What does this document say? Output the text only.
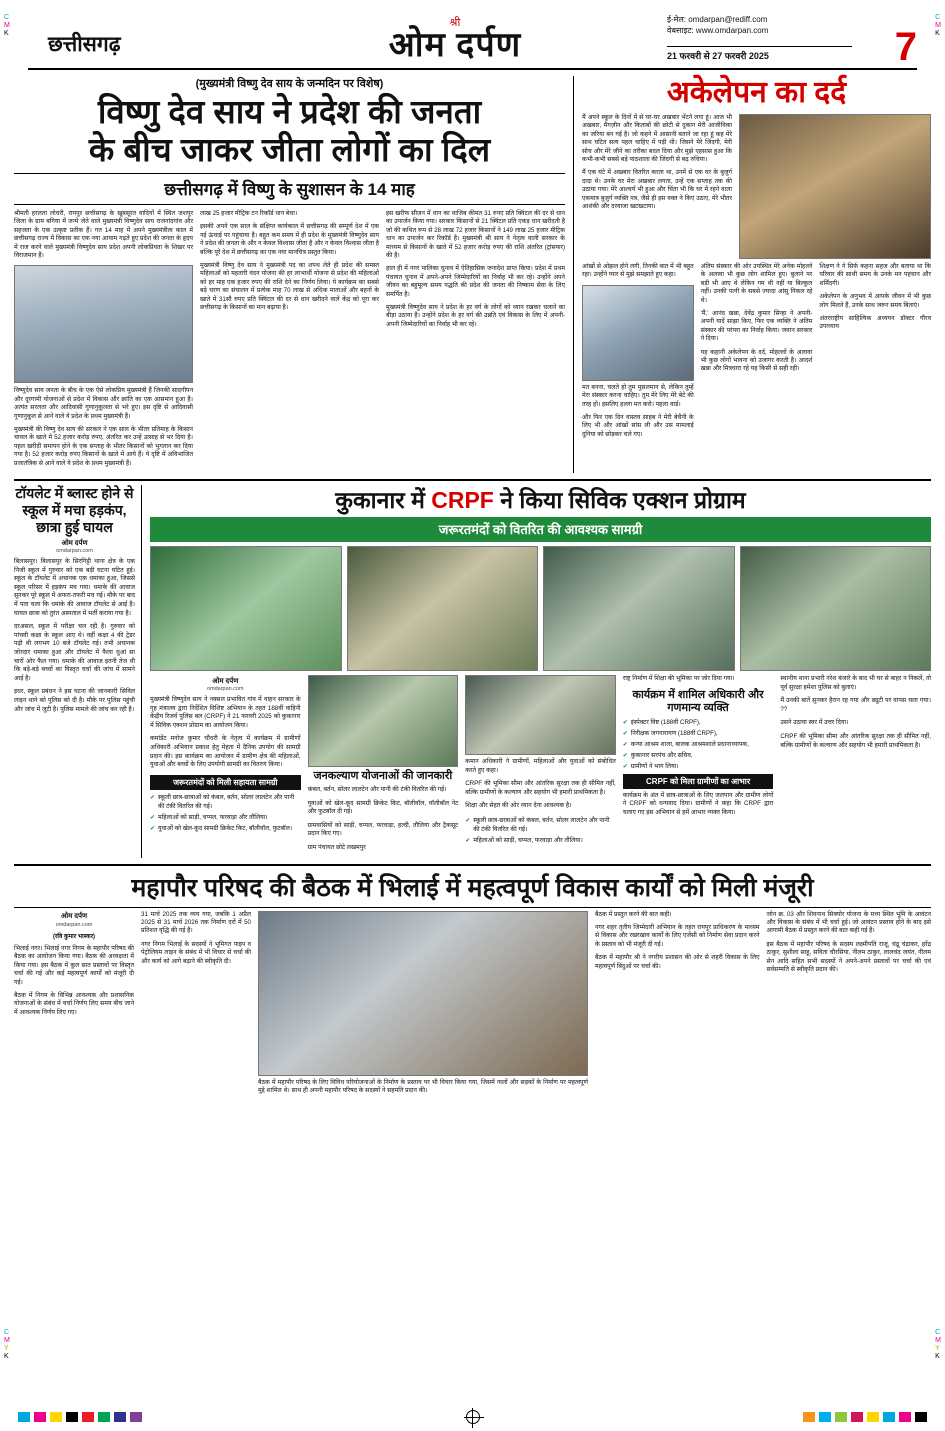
C
M
K
C
M
K
छत्तीसगढ़
श्री
ओम दर्पण
ई-मेल: omdarpan@rediff.com
वेबसाइट: www.omdarpan.com
21 फरवरी से 27 फरवरी 2025	7
(मुख्यमंत्री विष्णु देव साय के जन्मदिन पर विशेष)
विष्णु देव साय ने प्रदेश की जनता
के बीच जाकर जीता लोगों का दिल
छत्तीसगढ़ में विष्णु के सुशासन के 14 माह

श्रीमती हरलता लोधरी, रायपुर छत्तीसगढ़ के खूबसूरत वादियों में स्थित जशपुर जिला के ग्राम बगिया में जन्मे जेते वाले मुख्यमंत्री विष्णुदेव साय राजनांदगांव और सहजता के एक उत्कृष्ट प्रतीक हैं। गत 14 माह में अपने मुख्यमंत्रीत्व काल में छत्तीसगढ़ राज्य में विकास का एक नया आयाम गढ़ते हुए प्रदेश की जनता के हृदय में राज करने वाले मुख्यमंत्री विष्णुदेव साय प्रदेश अपनी लोकप्रियता के शिखर पर विराजमान हैं।

विष्णुदेव साय जनता के बीच के एक ऐसे लोकप्रिय मुख्यमंत्री हैं जिनकी सादगीपन और दूरगामी योजनाओं से प्रदेश में विकास और क्रांति का एक आसमान हुआ है। अत्यंत सरलता और आदिवासी गुणानुकूलता से भरे हुए। इस दृष्टि से आदिवासी गुणानुकूल से आने वाले ये प्रदेश के प्रथम मुख्यमंत्री हैं।

मुख्यमंत्री की विष्णु देव साय की सरकार ने एक साल के भीतर प्रतिमाह के किसान चावल के खाते में 52 हजार करोड़ रुपए, अंतरित कर उन्हें उत्साह से भर दिया है। पहल खरीदी समापन होने के एक सप्ताह के भीतर किसानों को भुगतान कर दिया गया है। 52 हजार करोड़ रुपए किसानों के खाते में आये हैं। ये दृष्टि में अविभाजित प्रजातंत्रिक से आने वाले ये प्रदेश के प्रथम मुख्यमंत्री हैं।

लाख 25 हजार मीट्रिक टन रिकॉर्ड धान बेचा।

इसकी अपने एक साल के संक्षिप्त कार्यकाल में छत्तीसगढ़ की सम्पूर्ण देश में एक नई ऊंचाई पर पहुंचाया है। बहुत कम समय में ही प्रदेश के मुख्यमंत्री विष्णुदेव साय ने प्रदेश की जनता के और न केवल विश्वास जीता है और न केवल विश्वास जीता है बल्कि पूरे देश में छत्तीसगढ़ का एक नया मानचित्र प्रस्तुत किया।

मुख्यमंत्री विष्णु देव साय ने मुख्यमंत्री पद का शपथ लेते ही प्रदेश की समस्त महिलाओं को महतारी वंदन योजना की हर लाभार्थी योजना से प्रदेश की महिलाओं को हर माह एक हजार रुपए की राशि देने का निर्णय लिया। ये कार्यक्रम का सबसे बड़े चरण का संचालन में प्रत्येक माह 70 लाख से अधिक माताओं और बहनों के खाते में 31सौ रुपए प्रति क्विंटल की दर से धान खरीदने वाले केंद्र को पूरा कर छत्तीसगढ़ के किसानों का मान बढ़ाया है।

इस खरीफ सीजन में धान का वाजिब कीमत 31 रुपए प्रति क्विंटल की दर से धान का उपार्जन किया गया। सरकार किसानों से 21 क्विंटल प्रति एकड़ धान खरीदती है जो की कथित रूप से 28 लाख 72 हजार किसानों ने 149 लाख 25 हजार मीट्रिक धान का उपार्जन कर रिकॉर्ड है। मुख्यमंत्री श्री साय ने नेतृत्व वाली सरकार के माध्यम से किसानों के खाते में 52 हजार करोड़ रुपए की राशि अंतरित (ट्रांसफर) की है।

हाल ही में नगर पालिका चुनाव में ऐतिहासिक जनादेश प्राप्त किया। प्रदेश में प्रथम पंचायत चुनाव में अपने-अपने जिम्मेदारियों का निर्वाह भी कर रहे। उन्होंने अपने जीवन का बहुमूल्य समय पद्धति की प्रदेश की जनता की निष्काम सेवा के लिए समर्पित है।

मुख्यमंत्री विष्णुदेव साय ने प्रदेश के हर वर्ग के लोगों को ध्यान रखकर चलाने का बीड़ा उठाया है। उन्होंने प्रदेश के हर वर्ग की उन्नति एवं विकास के लिए में अपनी-अपनी जिम्मेदारियों का निर्वाह भी कर रहे।

अकेलेपन का दर्द

मैं अपने स्कूल के दिनों में से घर-घर अखबार भेंटने लगा हूं। आज भी अखबार, मैगज़ीन और किताबों की छोटी से दुकान मेरी आजीविका का जरिया बन गई है। जो कहने में आसानी बताने जा रहा हूं कह मेरे साथ घटित सत्य पहल चाहिए में पड़ी थी। जिसने मेरे जिंदगी, मेरी सोच और मेरे जीने का तरीका बदल दिया और मुझे एहसास हुआ कि कभी-कभी सबसे बड़े पाठशाला की जिंदगी से बढ़ रुचिया।

मैं एक घंटे में अखबार वितरित करता था, उनमें से एक घर के बुजुर्ग दादा थे। उनके घर मेरा अखबार लगता, उन्हें एक सप्ताह तक की उठाया गया। मेरे आश्चर्य भी हुआ और चिंता भी कि घर में रहने वाला एकमात्र बुजुर्ग व्यक्ति पत्र, जैसे ही इस वक्त ने किए उठाए, मेरे भीतर आशंकी और दरवाजा खटखटाया।

आंखों से ओझल होने लगी, तिनकी बात में भी बहुत रहा। उन्होंने प्यार से मुझे समझाते हुए कहा।

मत बनना, चलते हो तुम मुसलमान से, लेकिन तुम्हें मेरा संस्कार करना चाहिए। तुम मेरे लिए मेरे बेटे की तरह हो। इसलिए हल्ला मत करो। पहला वार्ड।

और फिर एक दिन वास्तव साहब ने मेरी बेचैनी के लिए भी और आंखों सांस ली और उस मामलाई दुनिया को छोड़कर चले गए।

अंतिम संस्कार की ओर उपस्थित मेरे अनेक मोहल्ले के अलावा भी कुछ लोग शामिल हुए। बुलाने पर बड़ी भी आए थे लेकिन गम थी नहीं या बिल्कुल नहीं। उनकी पत्नी के सबसे ज्यादा आंसू निकल रहे थे।

'मैं,' आनंद खन्ना, देवेंद्र कुमार सिन्हा ने अपनी-अपनी यादें साझा किए, फिर एक व्यक्ति ने अंतिम संस्कार की परंपरा का निर्वाह किया। जवान सरकार ने दिया।

यह कहानी अकेलेपन के दर्द, मोहल्लों के अलावा भी कुछ लोगों भावना को उजागर करती है। आदर्श खन्ना और मित्रधारा रहे यह किसी से सही रही।

शिक्षण ने ने सिर्फ़ कहना सहज और बताया था कि परिवार की साथी समय के उनके मन पहचान और शर्मिंदगी।

अकेलेपन के अनुभव में आपके जीवन में भी कुछ लोग मिलते हैं, उनके साथ जरूर समय बिताएं।

अंतरराष्ट्रीय साहित्यिक अध्ययन डॉक्टर गौरव उपाध्याय

टॉयलेट में ब्लास्ट होने से स्कूल में मचा हड़कंप, छात्रा हुई घायल
ओम दर्पण
omdarpan.com

बिलासपुर। बिलासपुर के सिरगिट्टी थाना क्षेत्र के एक निजी स्कूल में गुरुवार को एक बड़ी घटना घटित हुई। स्कूल के टॉयलेट में अचानक एक धमाका हुआ, जिससे स्कूल परिसर में हड़कंप मच गया। धमाके की आवाज सुनकर पूरे स्कूल में अफरा-तफरी मच गई। मौके पर बाद में पता चला कि धमाके की आवाज टॉयलेट से आई है। घायल छात्रा को तुरंत अस्पताल में भर्ती कराया गया है।

दरअसल, स्कूल में परीक्षा चल रही है। गुरुवार को पांचवी कक्षा के स्कूल आए थे। वहीं कक्षा 4 की ट्रेडर पढ़ी थी लगभग 10 बजे टॉयलेट गई। तभी अचानक जोरदार धमाका हुआ और टॉयलेट में फैला धुआं सा चारों ओर फैल गया। धमाके की आवाज इतनी तेज थी कि बड़े-बड़े बच्चों का विस्तृत चर्चा की जांच में सामने आई है।

इधर, स्कूल प्रबंधन ने इस घटना की जानकारी सिविल लाइन थाने को पुलिस को दी है। मौके पर पुलिस पहुंची और जांच में जुटी है। पुलिस मामले की जांच कर रही है।

कुकानार में CRPF ने किया सिविक एक्शन प्रोग्राम
जरूरतमंदों को वितरित की आवश्यक सामग्री
ओम दर्पण
omdarpan.com

मुख्यमंत्री विष्णुदेव साय ने नक्सल प्रभावित गांव में वाहन सरकार के गृह मंत्रालय द्वारा निर्देशित विशिष्ट अभियान के तहत 188वीं वाहिनी केंद्रीय रिजर्व पुलिस बल (CRPF) ने 21 फरवरी 2025 को कुकानार में सिविक एक्शन प्रोग्राम का आयोजन किया।

कमांडेंट मनोज कुमार चौधरी के नेतृत्व में कार्यक्रम में ग्रामीणों अधिकारी अभियान प्रकाश हेतु मेहता में दैनिक उपयोग की सामग्री प्रदान की। इस कार्यक्रम का आयोजन में ग्रामीण क्षेत्र की महिलाओं, युवाओं और बच्चों के लिए उपयोगी सामग्री का वितरण किया।

जरूरतमंदों को मिली सहायता सामग्री
✔ स्कूली छात्र-छात्राओं को कंबल, बर्तन, सोलर लालटेन और पानी की टंकी वितरित की गई।
✔ महिलाओं को साड़ी, चप्पल, फरवाड़ा और तौलिया।
✔ युवाओं को खेल-कूद सामग्री क्रिकेट किट, बॉलीवॉल, फुटबॉल।
जनकल्याण योजनाओं की जानकारी

कंबल, बर्तन, सोलर लालटेन और पानी की टंकी वितरित की गई।

युवाओं को खेल-कूद सामग्री क्रिकेट किट, बॉलीवॉल, वॉलीबॉल नेट और फुटबॉल दी गई।

ग्रामवासियों को साड़ी, चप्पल, फरवाड़ा, हल्दी, तौलिया और ट्रैकसूट प्रदान किए गए।

ग्राम पंचायत छोटे लखमपुर

कमान अधिकारी ने ग्रामीणों, महिलाओं और युवाओं को संबोधित करते हुए कहा।

CRPF की भूमिका सीमा और आंतरिक सुरक्षा तक ही सीमित नहीं, बल्कि ग्रामीणों के कल्याण और सहयोग भी हमारी प्राथमिकता है।

शिक्षा और सेहत की ओर ध्यान देना आवश्यक है।

✔ स्कूली छात्र-छात्राओं को कंबल, बर्तन, सोलर लालटेन और पानी की टंकी वितरित की गई।
✔ महिलाओं को साड़ी, चप्पल, फरवाड़ा और तौलिया।

राष्ट्र निर्माण में शिक्षा की भूमिका पर जोर दिया गया।

कार्यक्रम में शामिल अधिकारी और गणमान्य व्यक्ति
✔ इंस्पेक्टर विष्ट (188वीं CRPF),
✔ निरीक्षक जगनारायण (188वीं CRPF),
✔ कन्या आश्रम शाला, बालक आश्रमशाले प्रधानाध्यापक,
✔ कुकानार सरपंच और सचिव,
✔ ग्रामीणों ने भाग लिया।
CRPF को मिला ग्रामीणों का आभार

कार्यक्रम के अंत में छात्र-छात्राओं के लिए जलपान और ग्रामीण लोगों ने CRPF को धन्यवाद दिया। ग्रामीणों ने कहा कि CRPF द्वारा चलाए गए इस अभियान से हमें आभार व्यक्त किया।

स्थानीय थाना प्रभारी नरेश बंजारे के बाद भी घर से बाहर न निकलें, तो पूर्व सुरक्षा हमेशा पुलिस को बुलाएं।

मैं उनकी बातें सुनकर हैरान रह गया और ड्यूटी पर वापस चला गया। ??

उसने उठाया स्वर में उत्तर दिया।

CRPF की भूमिका सीमा और आंतरिक सुरक्षा तक ही सीमित नहीं, बल्कि ग्रामीणों के कल्याण और सहयोग भी हमारी प्राथमिकता है।

महापौर परिषद की बैठक में भिलाई में महत्वपूर्ण विकास कार्यों को मिली मंजूरी
ओम दर्पण
omdarpan.com
(रवि कुमार भास्कर)

भिलाई नगर। भिलाई नगर निगम के महापौर परिषद की बैठक का आयोजन किया गया। बैठक की अध्यक्षता में किया गया। इस बैठक में कुल सात प्रस्तावों पर विस्तृत चर्चा की गई और कई महत्वपूर्ण कार्यों को मंजूरी दी गई।

बैठक में निगम के विभिन्न आवश्यक और प्रशासनिक योजनाओं के संबंध में चर्चा निर्णय लिए समय बीच जाने में आवश्यक निर्णय लिए गए।

31 मार्च 2025 तक व्यय गया, जबकि 1 अप्रैल 2025 से 31 मार्च 2026 तक निर्माण दरों में 50 प्रतिशत वृद्धि की गई है।

नगर निगम भिलाई के सदस्यों ने भूमिगत पाइप व पेट्रोलियम लाइन के संबंध में भी विचार से चर्चा की और कार्य को आगे बढ़ाने की स्वीकृति दी।

बैठक में महापौर परिषद के लिए विविध परियोजनाओं के निर्माण के प्रस्ताव पर भी विचार किया गया, जिसमें नालों और सड़कों के निर्माण पर महत्वपूर्ण मुद्दे शामिल थे। साथ ही अपनी महापौर परिषद के सदस्यों ने सहमति प्रदान की।

बैठक में प्रस्तुत करने की बात कही।

नगर शहर तृतीय जिम्मेदारी अभियान के तहत रायपुर प्राधिकरण के माध्यम से विकास और रखरखाव कार्यों के लिए एजेंसी को निर्माण सेवा प्रदान करने के प्रस्ताव को भी मंजूरी दी गई।

बैठक में महापौर श्री ने नगरीय प्रशासन की ओर से शहरी विकास के लिए महत्वपूर्ण बिंदुओं पर चर्चा की।

जोन क्र. 03 और शिवनाथ सिक्योर योजना के मध्य स्थित भूमि के आवंटन और विकास के संबंध में भी चर्चा हुई। जो आवंटन प्रस्ताव होने के बाद इसे आगामी बैठक में प्रस्तुत करने की बात कही गई है।

इस बैठक में महापौर परिषद के सदस्य लक्ष्मीपति राजू, चंद्रू चंद्राकर, हरेंद्र ठाकुर, सुशीला साहू, सविता चौरसिया, नीलम ठाकुर, लालचंद जयंत, नीलम सेन आदि सहित सभी सदस्यों ने अपने-अपने प्रस्तावों पर चर्चा की एवं सर्वसम्मति से स्वीकृति प्रदान की।

C
M
Y
K
C
M
Y
K
